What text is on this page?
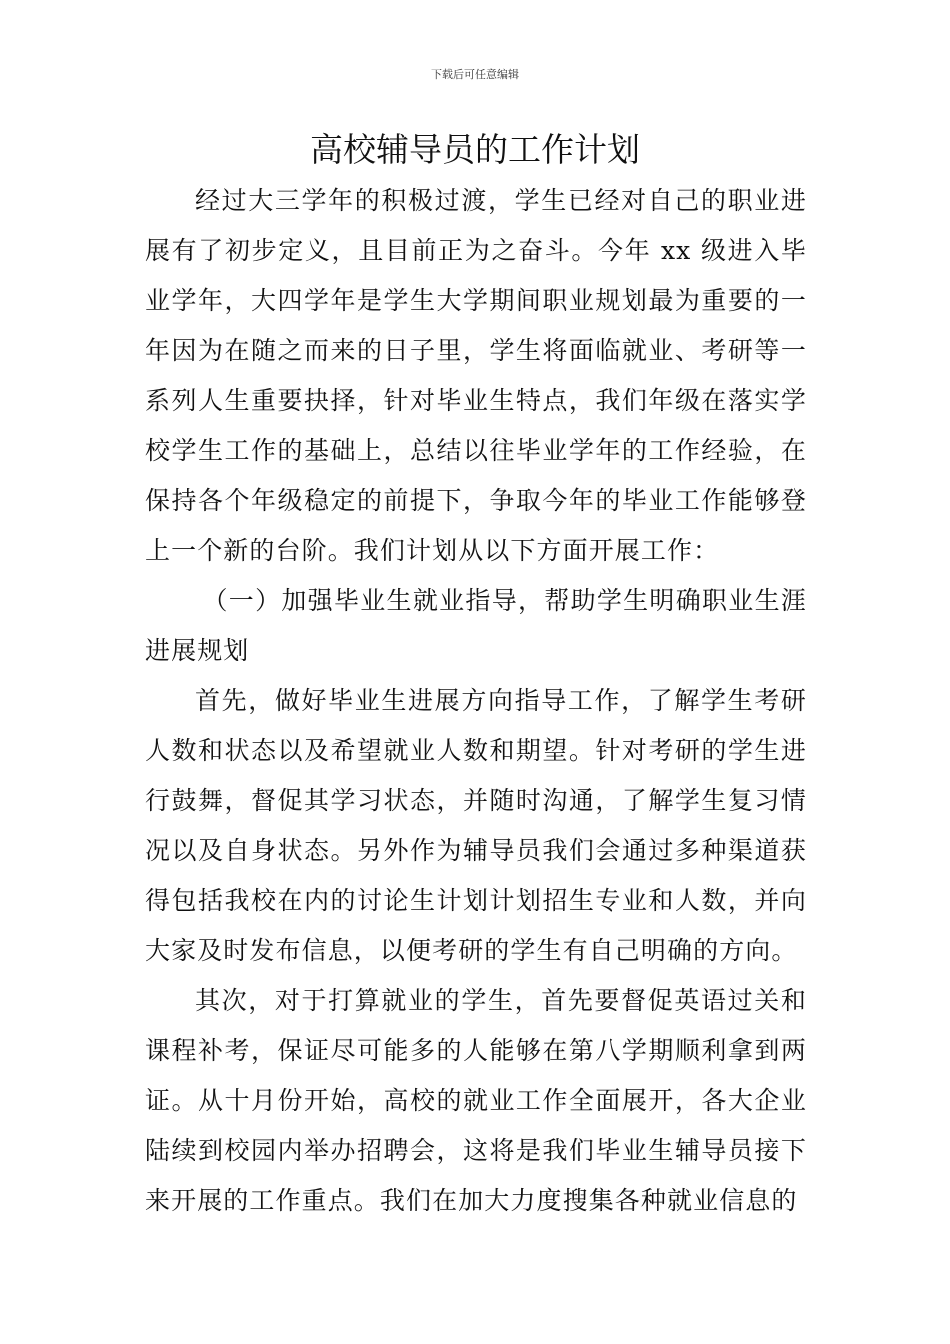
下载后可任意编辑
高校辅导员的工作计划

经过大三学年的积极过渡，学生已经对自己的职业进展有了初步定义，且目前正为之奋斗。今年 xx 级进入毕业学年，大四学年是学生大学期间职业规划最为重要的一年因为在随之而来的日子里，学生将面临就业、考研等一系列人生重要抉择，针对毕业生特点，我们年级在落实学校学生工作的基础上，总结以往毕业学年的工作经验，在保持各个年级稳定的前提下，争取今年的毕业工作能够登上一个新的台阶。我们计划从以下方面开展工作：

（一）加强毕业生就业指导，帮助学生明确职业生涯进展规划

首先，做好毕业生进展方向指导工作，了解学生考研人数和状态以及希望就业人数和期望。针对考研的学生进行鼓舞，督促其学习状态，并随时沟通，了解学生复习情况以及自身状态。另外作为辅导员我们会通过多种渠道获得包括我校在内的讨论生计划计划招生专业和人数，并向大家及时发布信息，以便考研的学生有自己明确的方向。

其次，对于打算就业的学生，首先要督促英语过关和课程补考，保证尽可能多的人能够在第八学期顺利拿到两证。从十月份开始，高校的就业工作全面展开，各大企业陆续到校园内举办招聘会，这将是我们毕业生辅导员接下来开展的工作重点。我们在加大力度搜集各种就业信息的
